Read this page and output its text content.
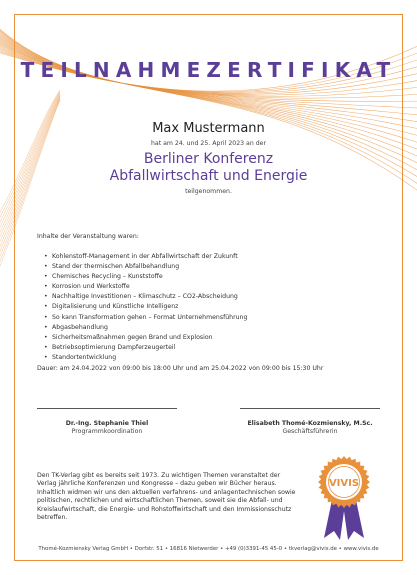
TEILNAHMEZERTIFIKAT
Max Mustermann
hat am 24. und 25. April 2023 an der
Berliner Konferenz
Abfallwirtschaft und Energie
teilgenommen.
Inhalte der Veranstaltung waren:
• Kohlenstoff-Management in der Abfallwirtschaft der Zukunft
• Stand der thermischen Abfallbehandlung
• Chemisches Recycling – Kunststoffe
• Korrosion und Werkstoffe
• Nachhaltige Investitionen – Klimaschutz – CO2-Abscheidung
• Digitalisierung und Künstliche Intelligenz
• So kann Transformation gehen – Format Unternehmensführung
• Abgasbehandlung
• Sicherheitsmaßnahmen gegen Brand und Explosion
• Betriebsoptimierung Dampferzeugerteil
• Standortentwicklung
Dauer: am 24.04.2022 von 09:00 bis 18:00 Uhr und am 25.04.2022 von 09:00 bis 15:30 Uhr
Dr.-Ing. Stephanie Thiel
Programmkoordination
Elisabeth Thomé-Kozmiensky, M.Sc.
Geschäftsführerin
Den TK-Verlag gibt es bereits seit 1973. Zu wichtigen Themen veranstaltet der Verlag jährliche Konferenzen und Kongresse – dazu geben wir Bücher heraus. Inhaltlich widmen wir uns den aktuellen verfahrens- und anlagentechnischen sowie politischen, rechtlichen und wirtschaftlichen Themen, soweit sie die Abfall- und Kreislaufwirtschaft, die Energie- und Rohstoffwirtschaft und den Immissionsschutz betreffen.
VIVIS
Thomé-Kozmiensky Verlag GmbH • Dorfstr. 51 • 16816 Nietwerder • +49 (0)3391-45 45-0 • tkverlag@vivis.de • www.vivis.de
